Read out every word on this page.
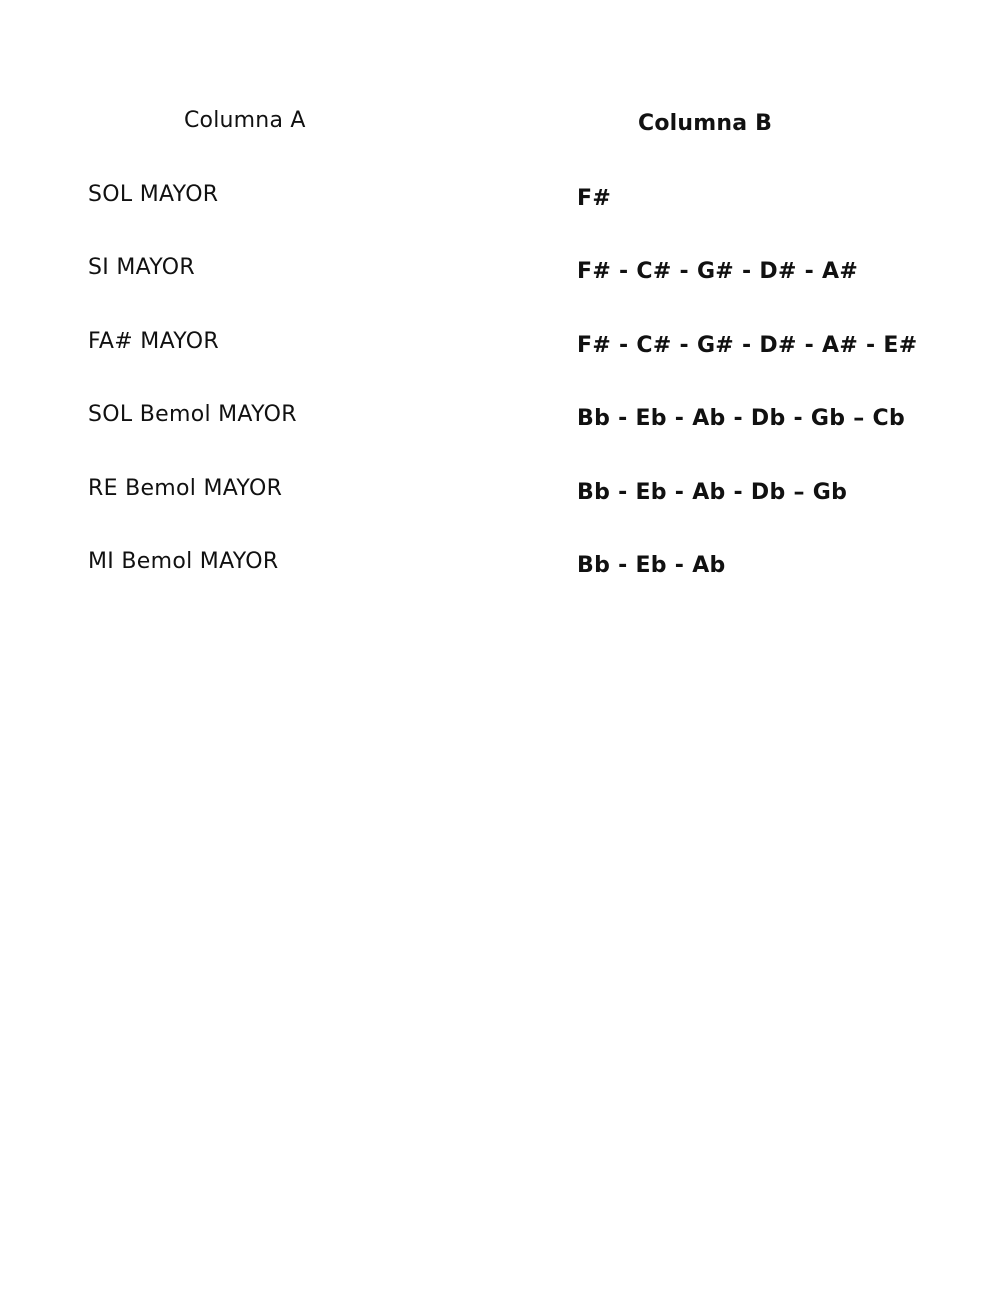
Columna A	Columna B
SOL MAYOR
SI MAYOR
FA# MAYOR
SOL Bemol MAYOR
RE Bemol MAYOR
MI Bemol MAYOR
F#
F# - C# - G# - D# - A#
F# - C# - G# - D# - A# - E#
Bb - Eb - Ab - Db - Gb – Cb
Bb - Eb - Ab - Db – Gb
Bb - Eb - Ab
